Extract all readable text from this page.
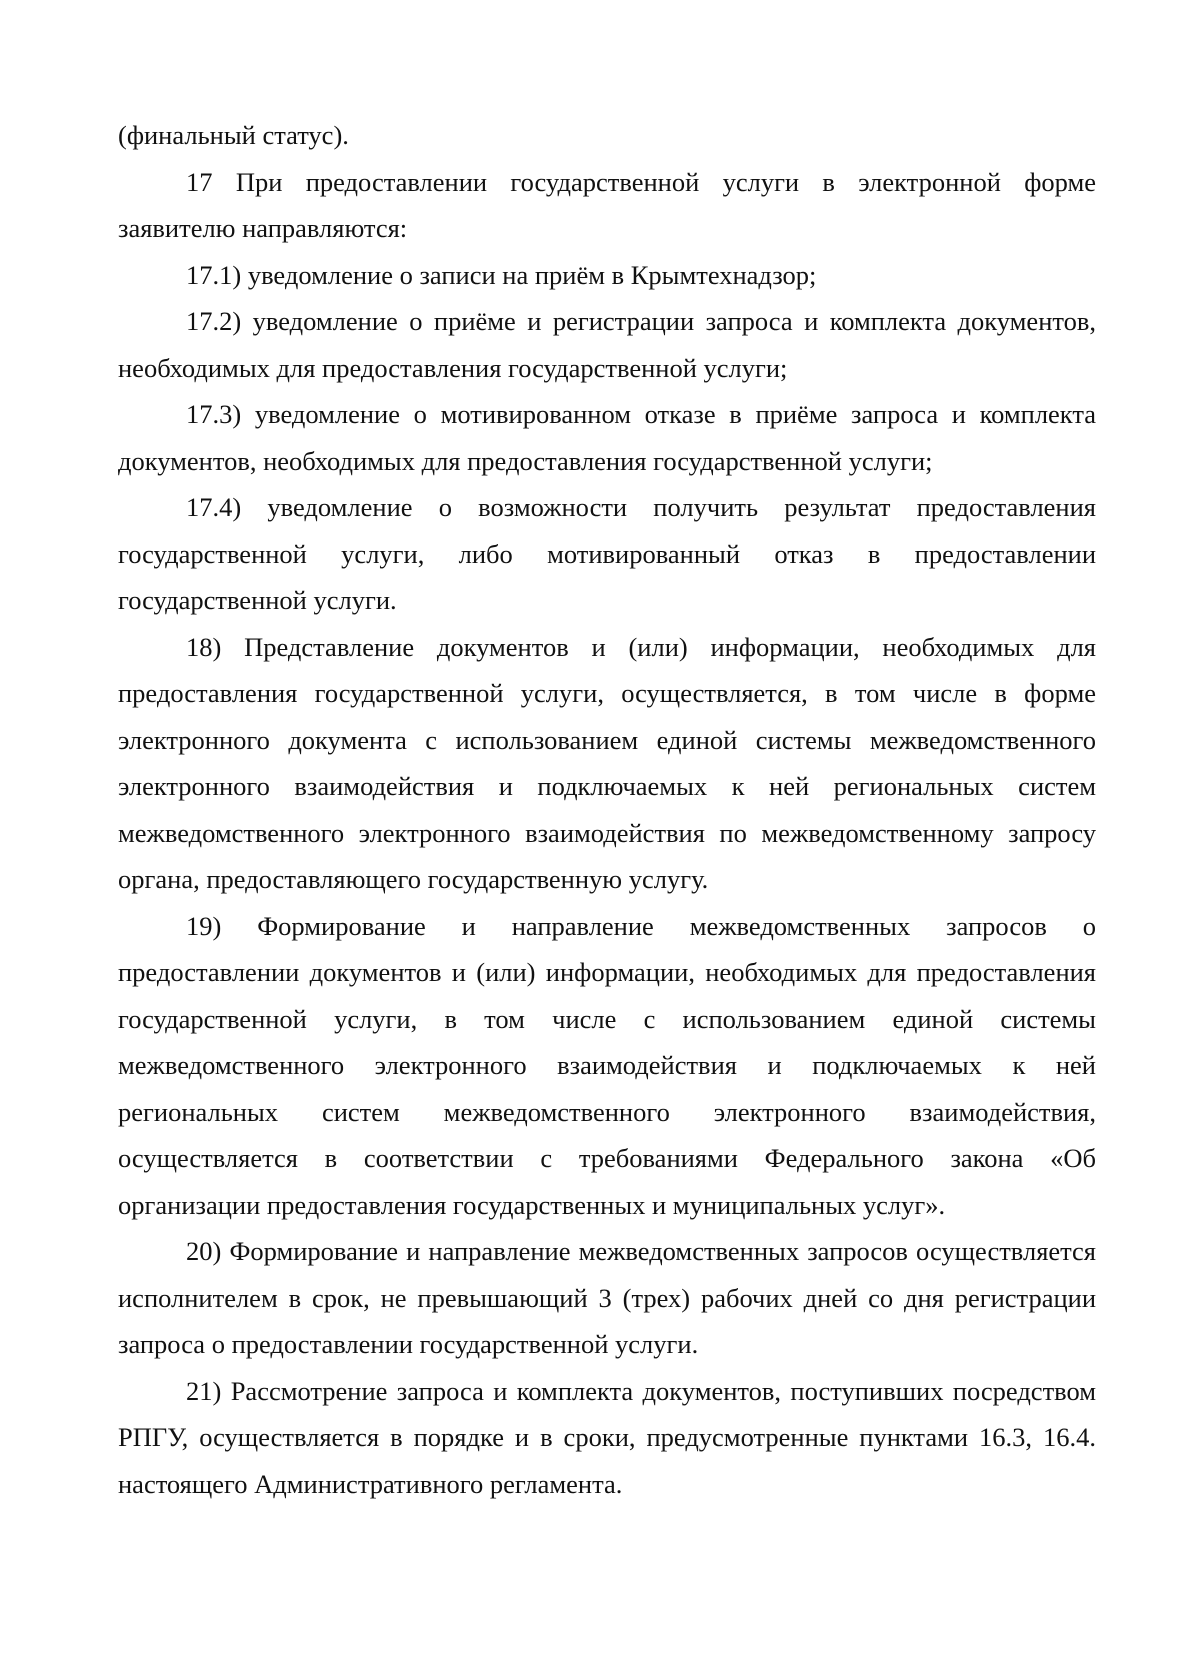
(финальный статус).

17 При предоставлении государственной услуги в электронной форме заявителю направляются:

17.1) уведомление о записи на приём в Крымтехнадзор;

17.2) уведомление о приёме и регистрации запроса и комплекта документов, необходимых для предоставления государственной услуги;

17.3) уведомление о мотивированном отказе в приёме запроса и комплекта документов, необходимых для предоставления государственной услуги;

17.4) уведомление о возможности получить результат предоставления государственной услуги, либо мотивированный отказ в предоставлении государственной услуги.

18) Представление документов и (или) информации, необходимых для предоставления государственной услуги, осуществляется, в том числе в форме электронного документа с использованием единой системы межведомственного электронного взаимодействия и подключаемых к ней региональных систем межведомственного электронного взаимодействия по межведомственному запросу органа, предоставляющего государственную услугу.

19) Формирование и направление межведомственных запросов о предоставлении документов и (или) информации, необходимых для предоставления государственной услуги, в том числе с использованием единой системы межведомственного электронного взаимодействия и подключаемых к ней региональных систем межведомственного электронного взаимодействия, осуществляется в соответствии с требованиями Федерального закона «Об организации предоставления государственных и муниципальных услуг».

20) Формирование и направление межведомственных запросов осуществляется исполнителем в срок, не превышающий 3 (трех) рабочих дней со дня регистрации запроса о предоставлении государственной услуги.

21) Рассмотрение запроса и комплекта документов, поступивших посредством РПГУ, осуществляется в порядке и в сроки, предусмотренные пунктами 16.3, 16.4. настоящего Административного регламента.
